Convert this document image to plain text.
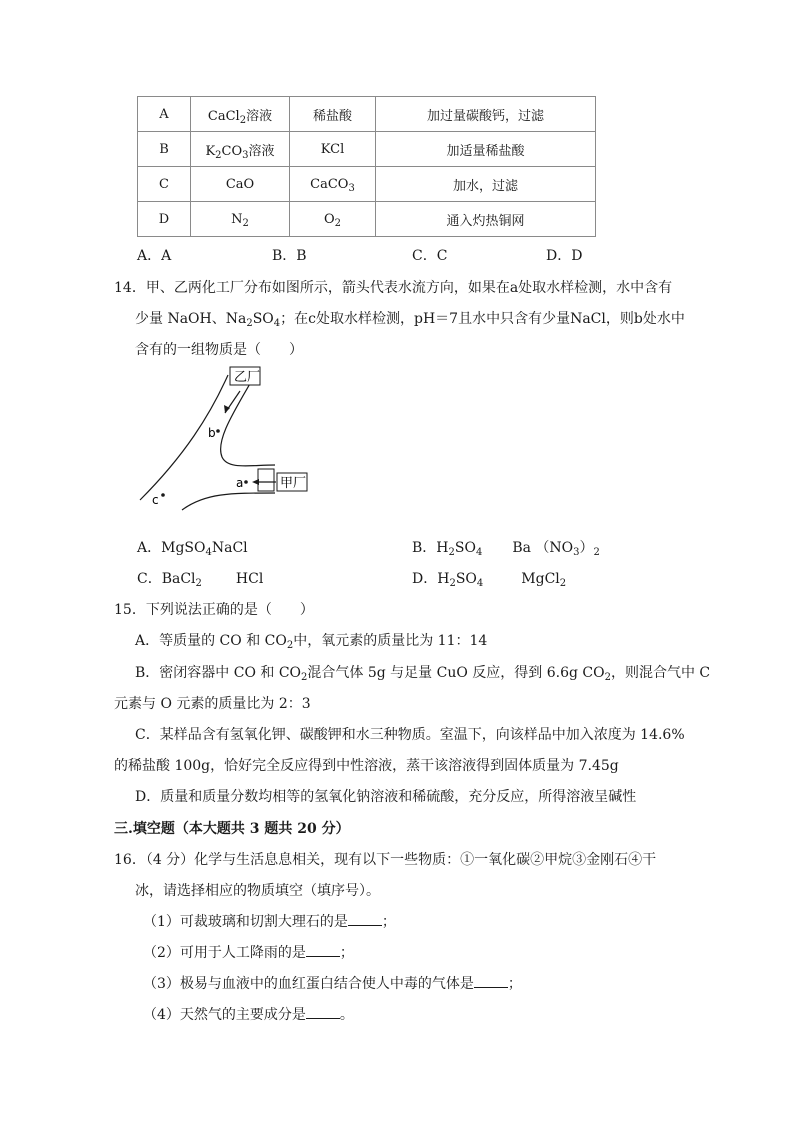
A	CaCl$_2$溶液	稀盐酸	加过量碳酸钙，过滤
B	$K_2CO_3$溶液	KCl	加适量稀盐酸
C	CaO	CaCO$_3$	加水，过滤
D	$N_2$	$O_2$	通入灼热铜网
A．A	B．B	C．C	D．D
14．甲、乙两化工厂分布如图所示，箭头代表水流方向，如果在a处取水样检测，水中含有
少量 NaOH、$Na_2SO_4$；在c处取水样检测，pH＝7且水中只含有少量NaCl，则b处水中
含有的一组物质是（　　）
乙厂
b
甲厂
a
c
A．MgSO$_4$NaCl	B．$H_2SO_4$ Ba $(NO_3)_2$
C．BaCl$_2$ HCl	D．$H_2SO_4$	MgCl$_2$
15．下列说法正确的是（　　）
A．等质量的 CO 和 $CO_2$中，氧元素的质量比为 11：14
B．密闭容器中 CO 和 $CO_2$混合气体 5g 与足量 CuO 反应，得到 6.6g $CO_2$，则混合气中 C
元素与 O 元素的质量比为 2：3
C．某样品含有氢氧化钾、碳酸钾和水三种物质。室温下，向该样品中加入浓度为 14.6%
的稀盐酸 100g，恰好完全反应得到中性溶液，蒸干该溶液得到固体质量为 7.45g
D．质量和质量分数均相等的氢氧化钠溶液和稀硫酸，充分反应，所得溶液呈碱性
三.填空题（本大题共 3 题共 20 分）
16．（4 分）化学与生活息息相关，现有以下一些物质：①一氧化碳②甲烷③金刚石④干
冰，请选择相应的物质填空（填序号）。
（1）可裁玻璃和切割大理石的是 ；
（2）可用于人工降雨的是 ；
（3）极易与血液中的血红蛋白结合使人中毒的气体是 ；
（4）天然气的主要成分是 。
